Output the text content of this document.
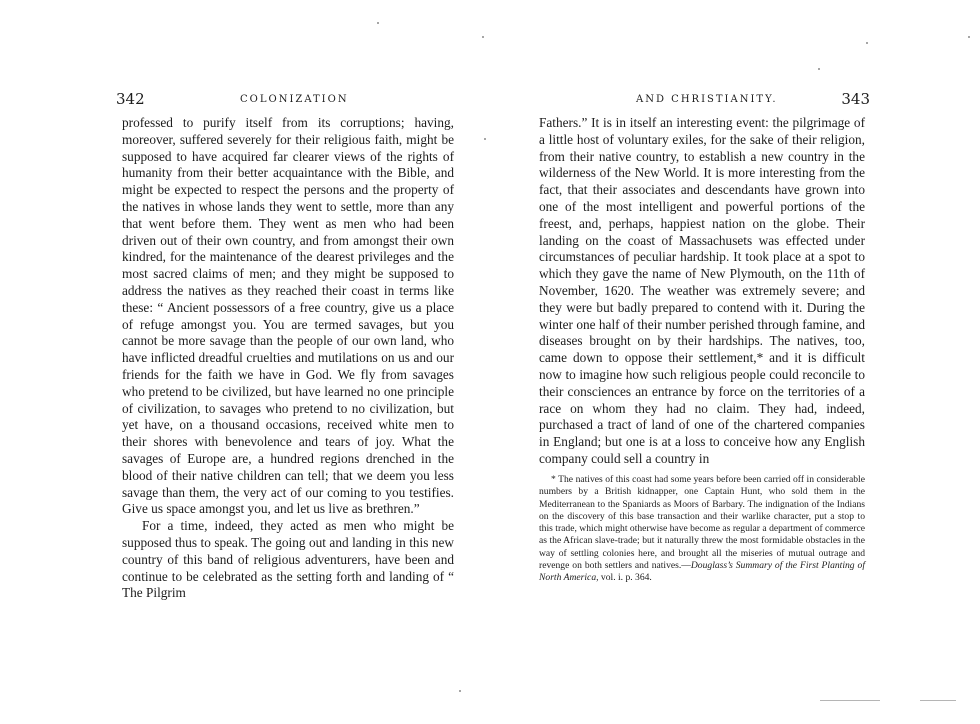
342	COLONIZATION

professed to purify itself from its corruptions; having, moreover, suffered severely for their religious faith, might be supposed to have acquired far clearer views of the rights of humanity from their better acquaintance with the Bible, and might be expected to respect the persons and the property of the natives in whose lands they went to settle, more than any that went before them. They went as men who had been driven out of their own country, and from amongst their own kindred, for the maintenance of the dearest privileges and the most sacred claims of men; and they might be supposed to address the natives as they reached their coast in terms like these: “ Ancient possessors of a free country, give us a place of refuge amongst you. You are termed savages, but you cannot be more savage than the people of our own land, who have inflicted dreadful cruelties and mutilations on us and our friends for the faith we have in God. We fly from savages who pretend to be civilized, but have learned no one principle of civilization, to savages who pretend to no civilization, but yet have, on a thousand occasions, received white men to their shores with benevolence and tears of joy. What the savages of Europe are, a hundred regions drenched in the blood of their native children can tell; that we deem you less savage than them, the very act of our coming to you testifies. Give us space amongst you, and let us live as brethren.”

For a time, indeed, they acted as men who might be supposed thus to speak. The going out and landing in this new country of this band of religious adventurers, have been and continue to be celebrated as the setting forth and landing of “ The Pilgrim

AND CHRISTIANITY.	343

Fathers.” It is in itself an interesting event: the pilgrimage of a little host of voluntary exiles, for the sake of their religion, from their native country, to establish a new country in the wilderness of the New World. It is more interesting from the fact, that their associates and descendants have grown into one of the most intelligent and powerful portions of the freest, and, perhaps, happiest nation on the globe. Their landing on the coast of Massachusets was effected under circumstances of peculiar hardship. It took place at a spot to which they gave the name of New Plymouth, on the 11th of November, 1620. The weather was extremely severe; and they were but badly prepared to contend with it. During the winter one half of their number perished through famine, and diseases brought on by their hardships. The natives, too, came down to oppose their settlement,* and it is difficult now to imagine how such religious people could reconcile to their consciences an entrance by force on the territories of a race on whom they had no claim. They had, indeed, purchased a tract of land of one of the chartered companies in England; but one is at a loss to conceive how any English company could sell a country in

* The natives of this coast had some years before been carried off in considerable numbers by a British kidnapper, one Captain Hunt, who sold them in the Mediterranean to the Spaniards as Moors of Barbary. The indignation of the Indians on the discovery of this base transaction and their warlike character, put a stop to this trade, which might otherwise have become as regular a department of commerce as the African slave-trade; but it naturally threw the most formidable obstacles in the way of settling colonies here, and brought all the miseries of mutual outrage and revenge on both settlers and natives.—Douglass’s Summary of the First Planting of North America, vol. i. p. 364.
